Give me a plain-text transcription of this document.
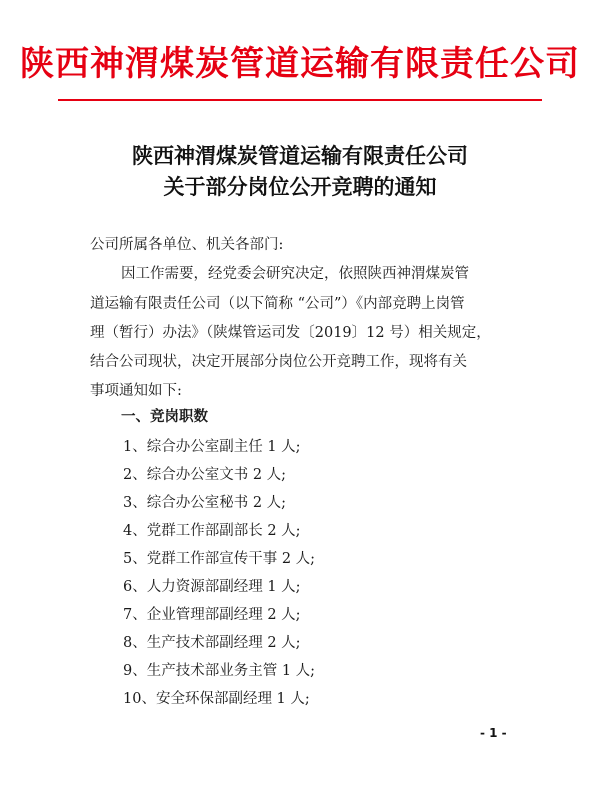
陕西神渭煤炭管道运输有限责任公司
陕西神渭煤炭管道运输有限责任公司
关于部分岗位公开竞聘的通知
公司所属各单位、机关各部门:
因工作需要，经党委会研究决定，依照陕西神渭煤炭管
道运输有限责任公司（以下简称 “公司”）《内部竞聘上岗管
理（暂行）办法》（陕煤管运司发〔2019〕12 号）相关规定，
结合公司现状，决定开展部分岗位公开竞聘工作，现将有关
事项通知如下:
一、竞岗职数
1、综合办公室副主任 1 人;
2、综合办公室文书 2 人;
3、综合办公室秘书 2 人;
4、党群工作部副部长 2 人;
5、党群工作部宣传干事 2 人;
6、人力资源部副经理 1 人;
7、企业管理部副经理 2 人;
8、生产技术部副经理 2 人;
9、生产技术部业务主管 1 人;
10、安全环保部副经理 1 人;
- 1 -
